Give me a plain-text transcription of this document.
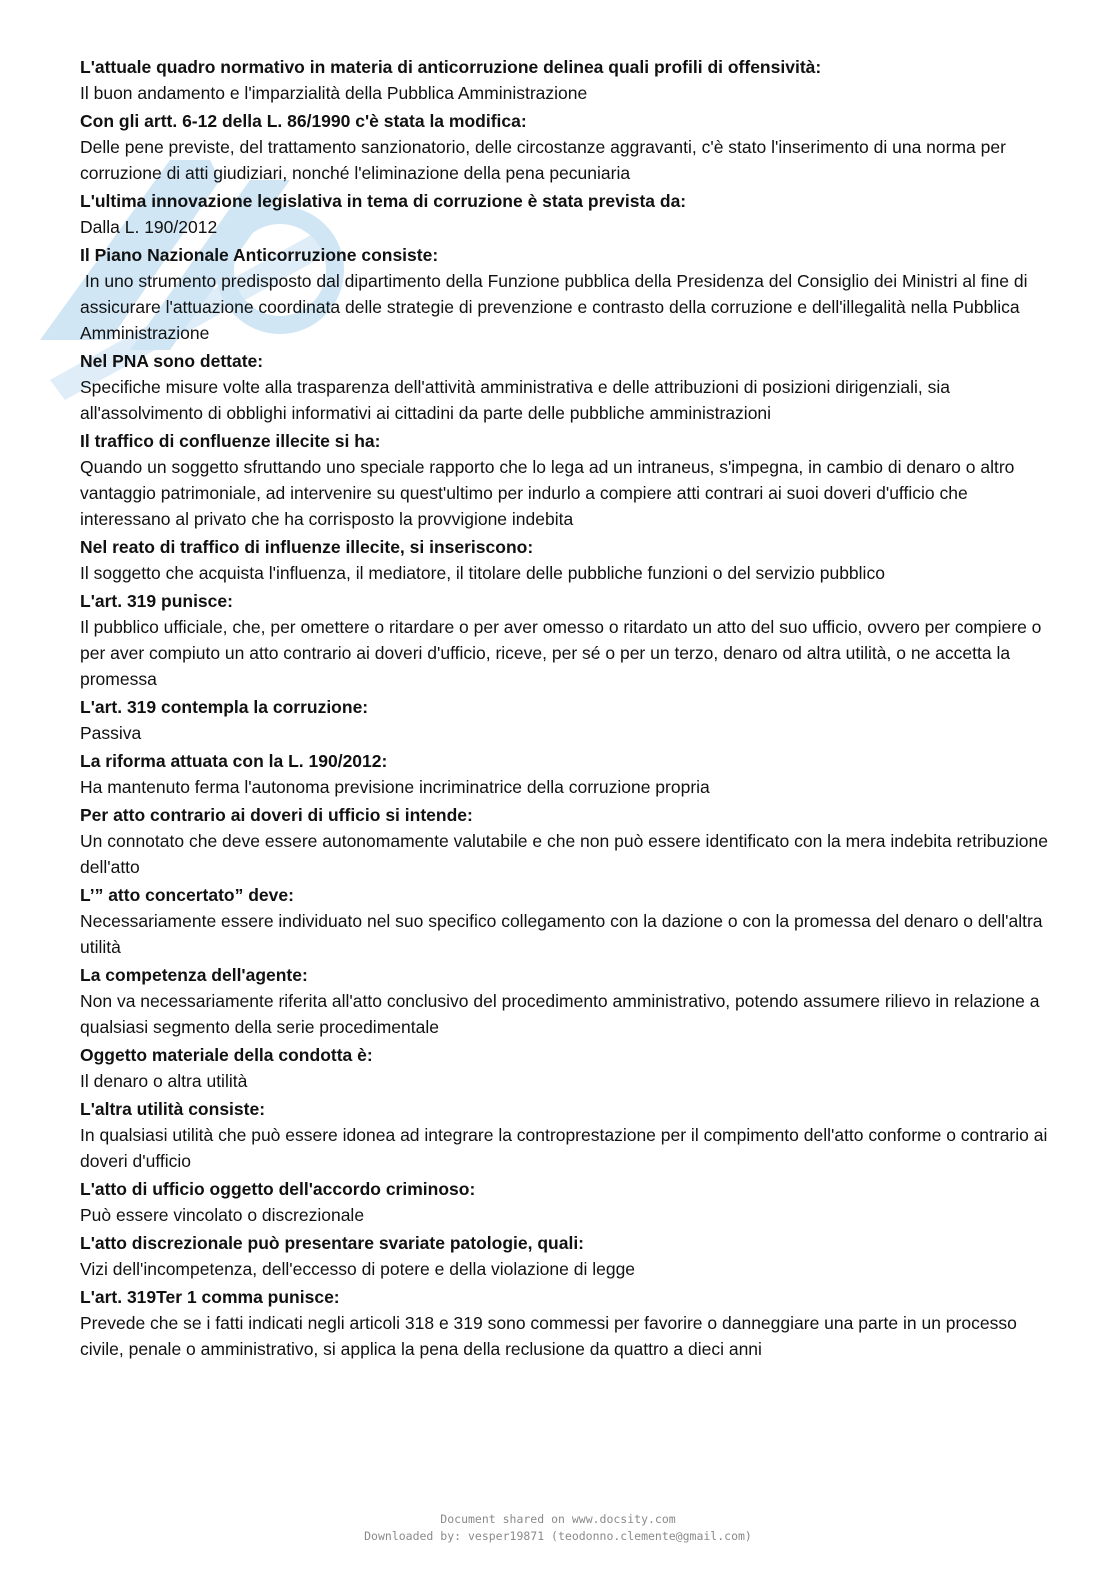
L'attuale quadro normativo in materia di anticorruzione delinea quali profili di offensività:

Il buon andamento e l'imparzialità della Pubblica Amministrazione

Con gli artt. 6-12 della L. 86/1990 c'è stata la modifica:

Delle pene previste, del trattamento sanzionatorio, delle circostanze aggravanti, c'è stato l'inserimento di una norma per corruzione di atti giudiziari, nonché l'eliminazione della pena pecuniaria

L'ultima innovazione legislativa in tema di corruzione è stata prevista da:

Dalla L. 190/2012

Il Piano Nazionale Anticorruzione consiste:

In uno strumento predisposto dal dipartimento della Funzione pubblica della Presidenza del Consiglio dei Ministri al fine di assicurare l'attuazione coordinata delle strategie di prevenzione e contrasto della corruzione e dell'illegalità nella Pubblica Amministrazione

Nel PNA sono dettate:

Specifiche misure volte alla trasparenza dell'attività amministrativa e delle attribuzioni di posizioni dirigenziali, sia all'assolvimento di obblighi informativi ai cittadini da parte delle pubbliche amministrazioni

Il traffico di confluenze illecite si ha:

Quando un soggetto sfruttando uno speciale rapporto che lo lega ad un intraneus, s'impegna, in cambio di denaro o altro vantaggio patrimoniale, ad intervenire su quest'ultimo per indurlo a compiere atti contrari ai suoi doveri d'ufficio che interessano al privato che ha corrisposto la provvigione indebita

Nel reato di traffico di influenze illecite, si inseriscono:

Il soggetto che acquista l'influenza, il mediatore, il titolare delle pubbliche funzioni o del servizio pubblico

L'art. 319 punisce:

Il pubblico ufficiale, che, per omettere o ritardare o per aver omesso o ritardato un atto del suo ufficio, ovvero per compiere o per aver compiuto un atto contrario ai doveri d'ufficio, riceve, per sé o per un terzo, denaro od altra utilità, o ne accetta la promessa

L'art. 319 contempla la corruzione:

Passiva

La riforma attuata con la L. 190/2012:

Ha mantenuto ferma l'autonoma previsione incriminatrice della corruzione propria

Per atto contrario ai doveri di ufficio si intende:

Un connotato che deve essere autonomamente valutabile e che non può essere identificato con la mera indebita retribuzione dell'atto

L’” atto concertato” deve:

Necessariamente essere individuato nel suo specifico collegamento con la dazione o con la promessa del denaro o dell'altra utilità

La competenza dell'agente:

Non va necessariamente riferita all'atto conclusivo del procedimento amministrativo, potendo assumere rilievo in relazione a qualsiasi segmento della serie procedimentale

Oggetto materiale della condotta è:

Il denaro o altra utilità

L'altra utilità consiste:

In qualsiasi utilità che può essere idonea ad integrare la controprestazione per il compimento dell'atto conforme o contrario ai doveri d'ufficio

L'atto di ufficio oggetto dell'accordo criminoso:

Può essere vincolato o discrezionale

L'atto discrezionale può presentare svariate patologie, quali:

Vizi dell'incompetenza, dell'eccesso di potere e della violazione di legge

L'art. 319Ter 1 comma punisce:

Prevede che se i fatti indicati negli articoli 318 e 319 sono commessi per favorire o danneggiare una parte in un processo civile, penale o amministrativo, si applica la pena della reclusione da quattro a dieci anni

Document shared on www.docsity.com
Downloaded by: vesper19871 (teodonno.clemente@gmail.com)
